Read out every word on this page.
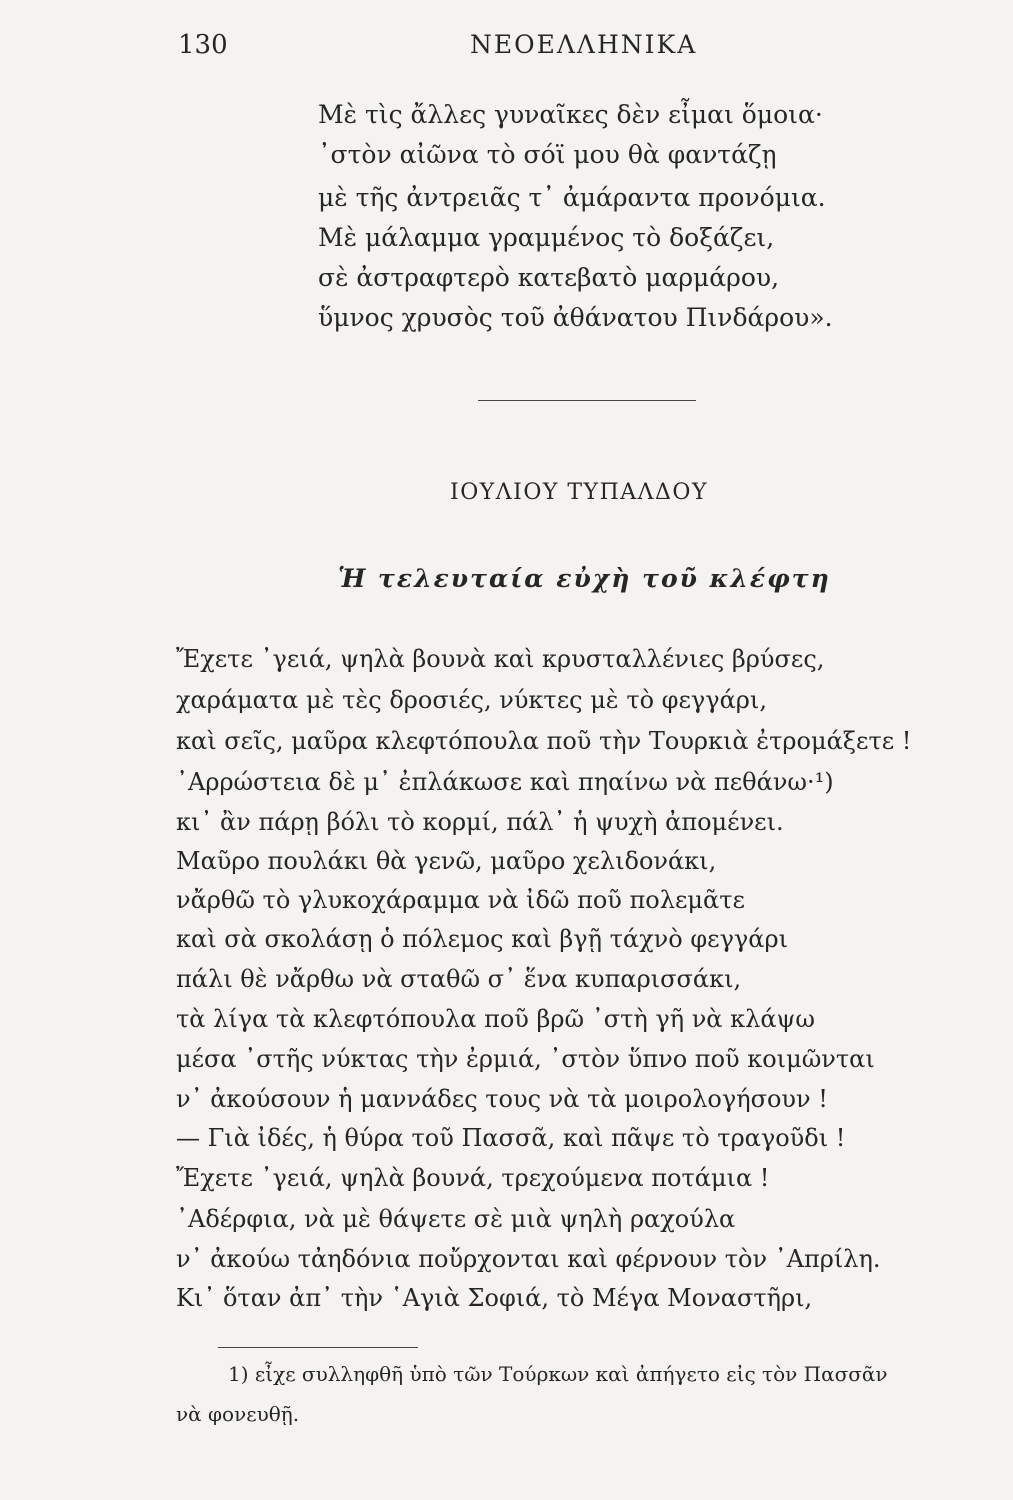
130	ΝΕΟΕΛΛΗΝΙΚΑ
Μὲ τὶς ἄλλες γυναῖκες δὲν εἶμαι ὅμοια·
᾽στὸν αἰῶνα τὸ σόϊ μου θὰ φαντάζῃ
μὲ τῆς ἀντρειᾶς τ᾽ ἀμάραντα προνόμια.
Μὲ μάλαμμα γραμμένος τὸ δοξάζει,
σὲ ἀστραφτερὸ κατεβατὸ μαρμάρου,
ὕμνος χρυσὸς τοῦ ἀθάνατου Πινδάρου».
ΙΟΥΛΙΟΥ ΤΥΠΑΛΔΟΥ
Ἡ τελευταία εὐχὴ τοῦ κλέφτη
Ἔχετε ᾽γειά, ψηλὰ βουνὰ καὶ κρυσταλλένιες βρύσες,
χαράματα μὲ τὲς δροσιές, νύκτες μὲ τὸ φεγγάρι,
καὶ σεῖς, μαῦρα κλεφτόπουλα ποῦ τὴν Τουρκιὰ ἐτρομάξετε !
᾽Αρρώστεια δὲ μ᾽ ἐπλάκωσε καὶ πηαίνω νὰ πεθάνω·¹)
κι᾽ ἂν πάρῃ βόλι τὸ κορμί, πάλ᾽ ἡ ψυχὴ ἀπομένει.
Μαῦρο πουλάκι θὰ γενῶ, μαῦρο χελιδονάκι,
νἄρθῶ τὸ γλυκοχάραμμα νὰ ἰδῶ ποῦ πολεμᾶτε
καὶ σὰ σκολάσῃ ὁ πόλεμος καὶ βγῇ τάχνὸ φεγγάρι
πάλι θὲ νἄρθω νὰ σταθῶ σ᾽ ἕνα κυπαρισσάκι,
τὰ λίγα τὰ κλεφτόπουλα ποῦ βρῶ ᾽στὴ γῆ νὰ κλάψω
μέσα ᾽στῆς νύκτας τὴν ἐρμιά, ᾽στὸν ὕπνο ποῦ κοιμῶνται
ν᾽ ἀκούσουν ἡ μαννάδες τους νὰ τὰ μοιρολογήσουν !
— Γιὰ ἰδές, ἡ θύρα τοῦ Πασσᾶ, καὶ πᾶψε τὸ τραγοῦδι !
Ἔχετε ᾽γειά, ψηλὰ βουνά, τρεχούμενα ποτάμια !
᾽Αδέρφια, νὰ μὲ θάψετε σὲ μιὰ ψηλὴ ραχούλα
ν᾽ ἀκούω τἀηδόνια ποὔρχονται καὶ φέρνουν τὸν ᾽Απρίλη.
Κι᾽ ὅταν ἀπ᾽ τὴν ῾Αγιὰ Σοφιά, τὸ Μέγα Μοναστῆρι,
1) εἶχε συλληφθῆ ὑπὸ τῶν Τούρκων καὶ ἀπήγετο εἰς τὸν Πασσᾶν
νὰ φονευθῇ.
